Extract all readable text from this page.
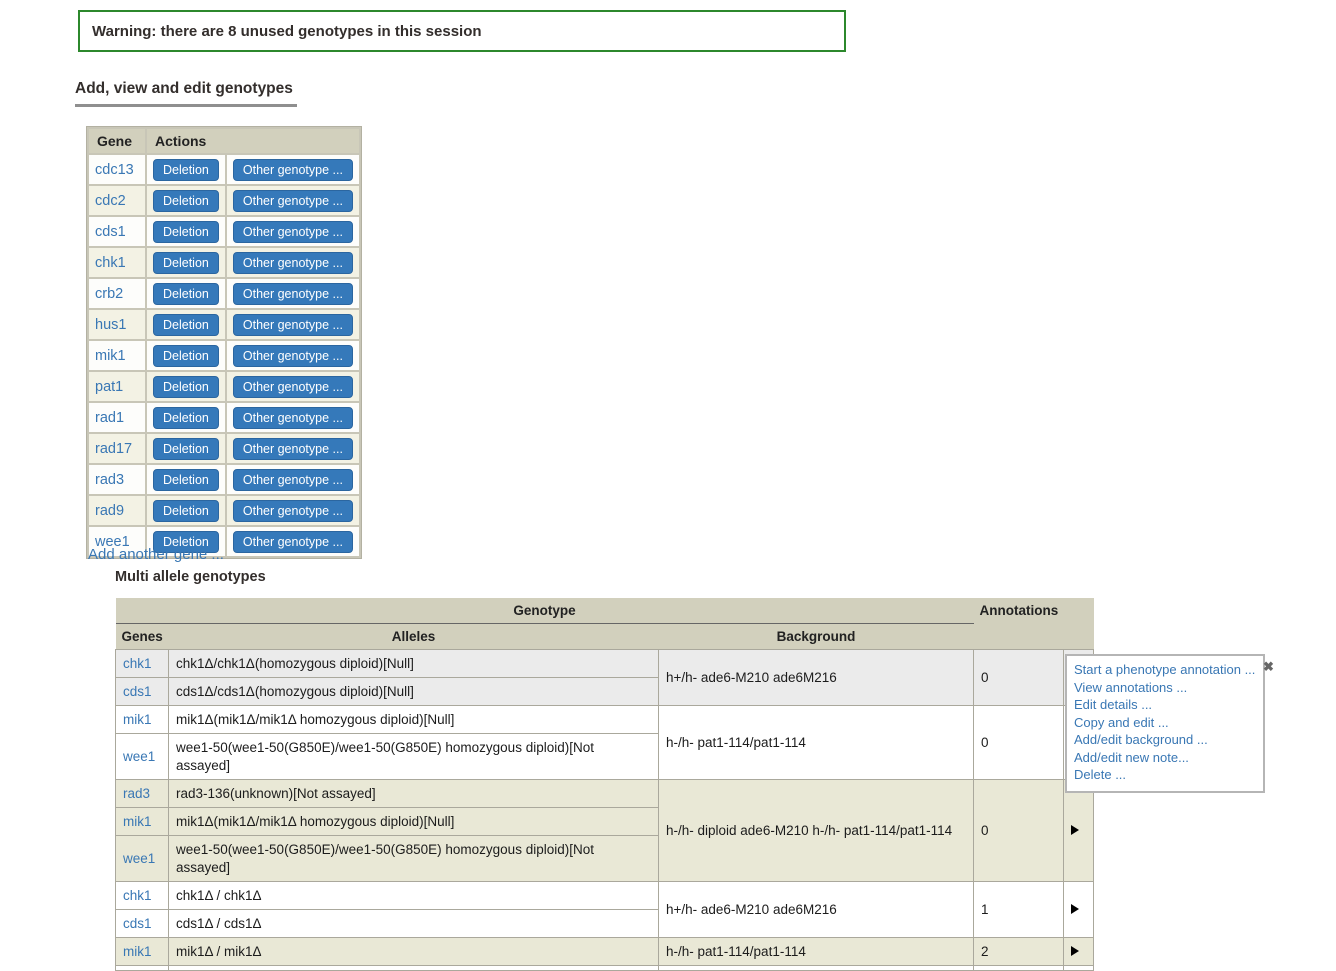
Warning: there are 8 unused genotypes in this session
Add, view and edit genotypes
Gene	Actions	
cdc13	Deletion	Other genotype ...
cdc2	Deletion	Other genotype ...
cds1	Deletion	Other genotype ...
chk1	Deletion	Other genotype ...
crb2	Deletion	Other genotype ...
hus1	Deletion	Other genotype ...
mik1	Deletion	Other genotype ...
pat1	Deletion	Other genotype ...
rad1	Deletion	Other genotype ...
rad17	Deletion	Other genotype ...
rad3	Deletion	Other genotype ...
rad9	Deletion	Other genotype ...
wee1	Deletion	Other genotype ...
Add another gene ...
Multi allele genotypes
Genotype			Annotations	
Genes	Alleles	Background		
chk1	chk1Δ/chk1Δ(homozygous diploid)[Null]	h+/h- ade6-M210 ade6M216	0	
cds1	cds1Δ/cds1Δ(homozygous diploid)[Null]			
mik1	mik1Δ(mik1Δ/mik1Δ homozygous diploid)[Null]	h-/h- pat1-114/pat1-114	0	
wee1	wee1-50(wee1-50(G850E)/wee1-50(G850E) homozygous diploid)[Not assayed]			
rad3	rad3-136(unknown)[Not assayed]	h-/h- diploid ade6-M210 h-/h- pat1-114/pat1-114	0	
mik1	mik1Δ(mik1Δ/mik1Δ homozygous diploid)[Null]			
wee1	wee1-50(wee1-50(G850E)/wee1-50(G850E) homozygous diploid)[Not assayed]			
chk1	chk1Δ / chk1Δ	h+/h- ade6-M210 ade6M216	1	
cds1	cds1Δ / cds1Δ			
mik1	mik1Δ / mik1Δ	h-/h- pat1-114/pat1-114	2	

Start a phenotype annotation ...
View annotations ...
Edit details ...
Copy and edit ...
Add/edit background ...
Add/edit new note...
Delete ...
✖
